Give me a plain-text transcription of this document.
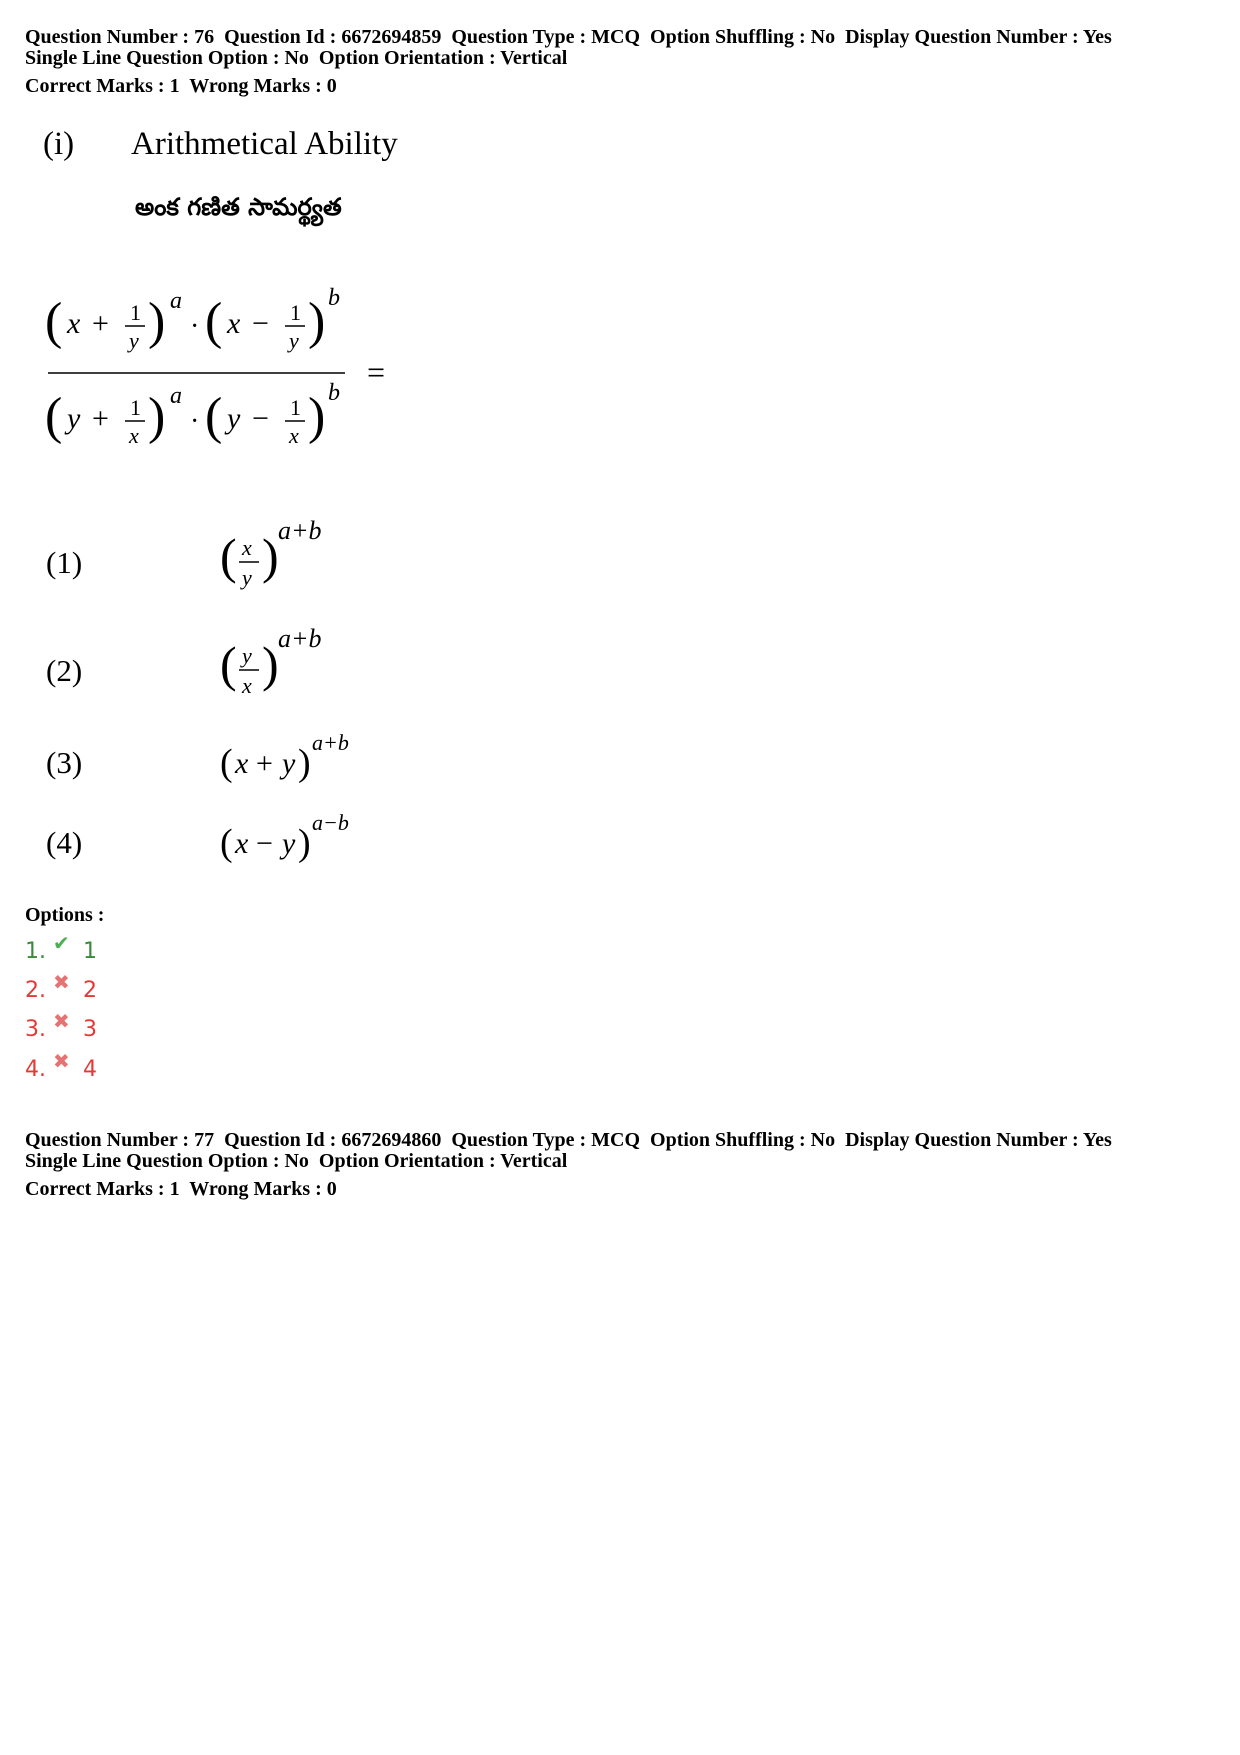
Question Number : 76  Question Id : 6672694859  Question Type : MCQ  Option Shuffling : No  Display Question Number : Yes
Single Line Question Option : No  Option Orientation : Vertical
Correct Marks : 1  Wrong Marks : 0
(i) Arithmetical Ability
అంక గణిత సామర్థ్యత
( x + 1
y ) a
· ( x − 1
y ) b
=
( y + 1
x ) a
· ( y − 1
x ) b
(1)	( x
y ) a+b
(2)	( y
x ) a+b
(3)	( x + y ) a+b
(4)	( x − y ) a−b
Options :
1. ✔ 1
2. ✖ 2
3. ✖ 3
4. ✖ 4
Question Number : 77  Question Id : 6672694860  Question Type : MCQ  Option Shuffling : No  Display Question Number : Yes
Single Line Question Option : No  Option Orientation : Vertical
Correct Marks : 1  Wrong Marks : 0
